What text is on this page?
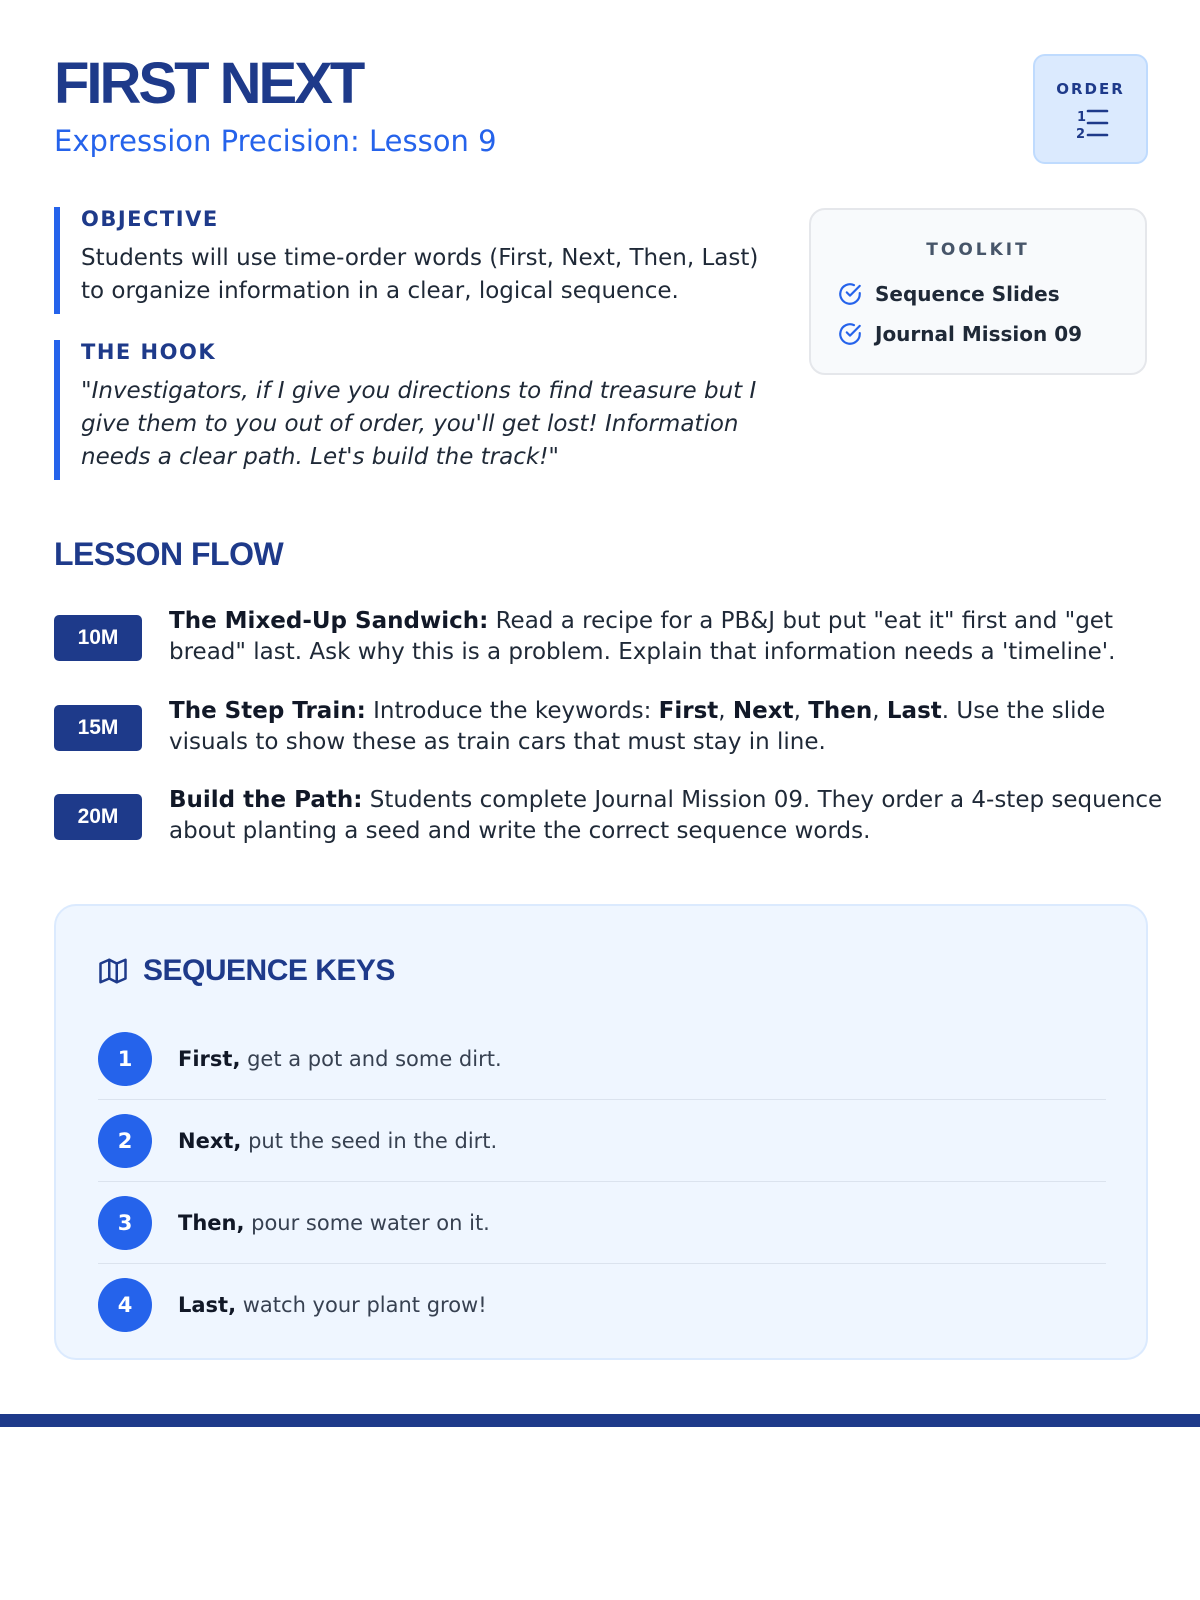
FIRST NEXT
Expression Precision: Lesson 9
ORDER
1
2
OBJECTIVE

Students will use time-order words (First, Next, Then, Last) to organize information in a clear, logical sequence.

THE HOOK

"Investigators, if I give you directions to find treasure but I give them to you out of order, you'll get lost! Information needs a clear path. Let's build the track!"

TOOLKIT
Sequence Slides
Journal Mission 09
LESSON FLOW
10M

The Mixed-Up Sandwich: Read a recipe for a PB&J but put "eat it" first and "get bread" last. Ask why this is a problem. Explain that information needs a 'timeline'.

15M

The Step Train: Introduce the keywords: First, Next, Then, Last. Use the slide visuals to show these as train cars that must stay in line.

20M

Build the Path: Students complete Journal Mission 09. They order a 4-step sequence about planting a seed and write the correct sequence words.

SEQUENCE KEYS
1	First, get a pot and some dirt.
2	Next, put the seed in the dirt.
3	Then, pour some water on it.
4	Last, watch your plant grow!
